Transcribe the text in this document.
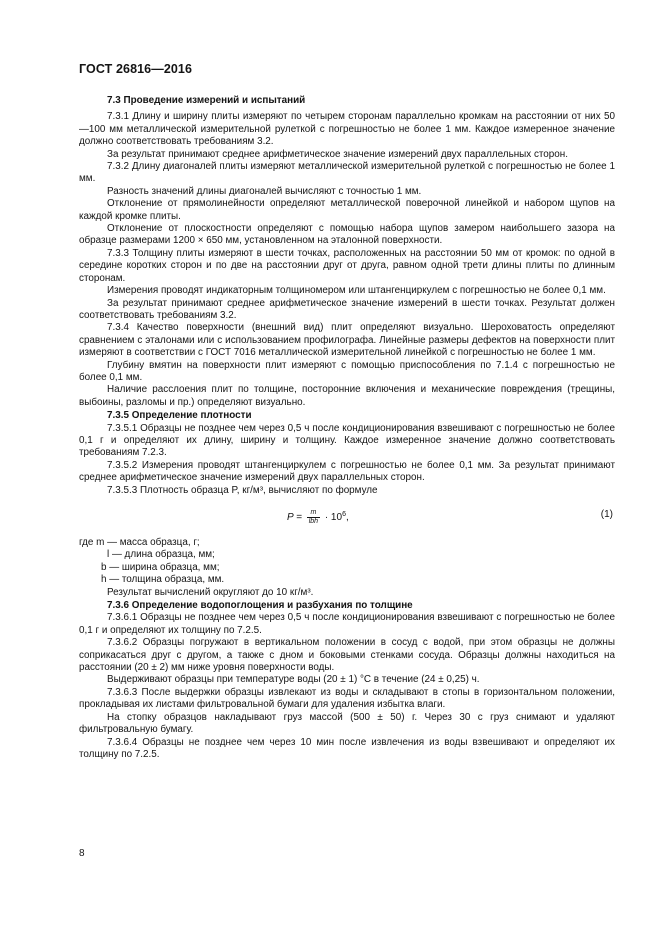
ГОСТ 26816—2016

7.3 Проведение измерений и испытаний

7.3.1 Длину и ширину плиты измеряют по четырем сторонам параллельно кромкам на расстоянии от них 50—100 мм металлической измерительной рулеткой с погрешностью не более 1 мм. Каждое измеренное значение должно соответствовать требованиям 3.2.

За результат принимают среднее арифметическое значение измерений двух параллельных сторон.

7.3.2 Длину диагоналей плиты измеряют металлической измерительной рулеткой с погрешностью не более 1 мм.

Разность значений длины диагоналей вычисляют с точностью 1 мм.

Отклонение от прямолинейности определяют металлической поверочной линейкой и набором щупов на каждой кромке плиты.

Отклонение от плоскостности определяют с помощью набора щупов замером наибольшего зазора на образце размерами 1200 × 650 мм, установленном на эталонной поверхности.

7.3.3 Толщину плиты измеряют в шести точках, расположенных на расстоянии 50 мм от кромок: по одной в середине коротких сторон и по две на расстоянии друг от друга, равном одной трети длины плиты по длинным сторонам.

Измерения проводят индикаторным толщиномером или штангенциркулем с погрешностью не более 0,1 мм.

За результат принимают среднее арифметическое значение измерений в шести точках. Результат должен соответствовать требованиям 3.2.

7.3.4 Качество поверхности (внешний вид) плит определяют визуально. Шероховатость определяют сравнением с эталонами или с использованием профилографа. Линейные размеры дефектов на поверхности плит измеряют в соответствии с ГОСТ 7016 металлической измерительной линейкой с погрешностью не более 1 мм.

Глубину вмятин на поверхности плит измеряют с помощью приспособления по 7.1.4 с погрешностью не более 0,1 мм.

Наличие расслоения плит по толщине, посторонние включения и механические повреждения (трещины, выбоины, разломы и пр.) определяют визуально.

7.3.5 Определение плотности

7.3.5.1 Образцы не позднее чем через 0,5 ч после кондиционирования взвешивают с погрешностью не более 0,1 г и определяют их длину, ширину и толщину. Каждое измеренное значение должно соответствовать требованиям 7.2.3.

7.3.5.2 Измерения проводят штангенциркулем с погрешностью не более 0,1 мм. За результат принимают среднее арифметическое значение измерений двух параллельных сторон.

7.3.5.3 Плотность образца P, кг/м³, вычисляют по формуле

$P = \frac{m}{\text{lbh}} \cdot 10^6$,	(1)

где m — масса образца, г;

l — длина образца, мм;

b — ширина образца, мм;

h — толщина образца, мм.

Результат вычислений округляют до 10 кг/м³.

7.3.6 Определение водопоглощения и разбухания по толщине

7.3.6.1 Образцы не позднее чем через 0,5 ч после кондиционирования взвешивают с погрешностью не более 0,1 г и определяют их толщину по 7.2.5.

7.3.6.2 Образцы погружают в вертикальном положении в сосуд с водой, при этом образцы не должны соприкасаться друг с другом, а также с дном и боковыми стенками сосуда. Образцы должны находиться на расстоянии (20 ± 2) мм ниже уровня поверхности воды.

Выдерживают образцы при температуре воды (20 ± 1) °С в течение (24 ± 0,25) ч.

7.3.6.3 После выдержки образцы извлекают из воды и складывают в стопы в горизонтальном положении, прокладывая их листами фильтровальной бумаги для удаления избытка влаги.

На стопку образцов накладывают груз массой (500 ± 50) г. Через 30 с груз снимают и удаляют фильтровальную бумагу.

7.3.6.4 Образцы не позднее чем через 10 мин после извлечения из воды взвешивают и определяют их толщину по 7.2.5.

8
